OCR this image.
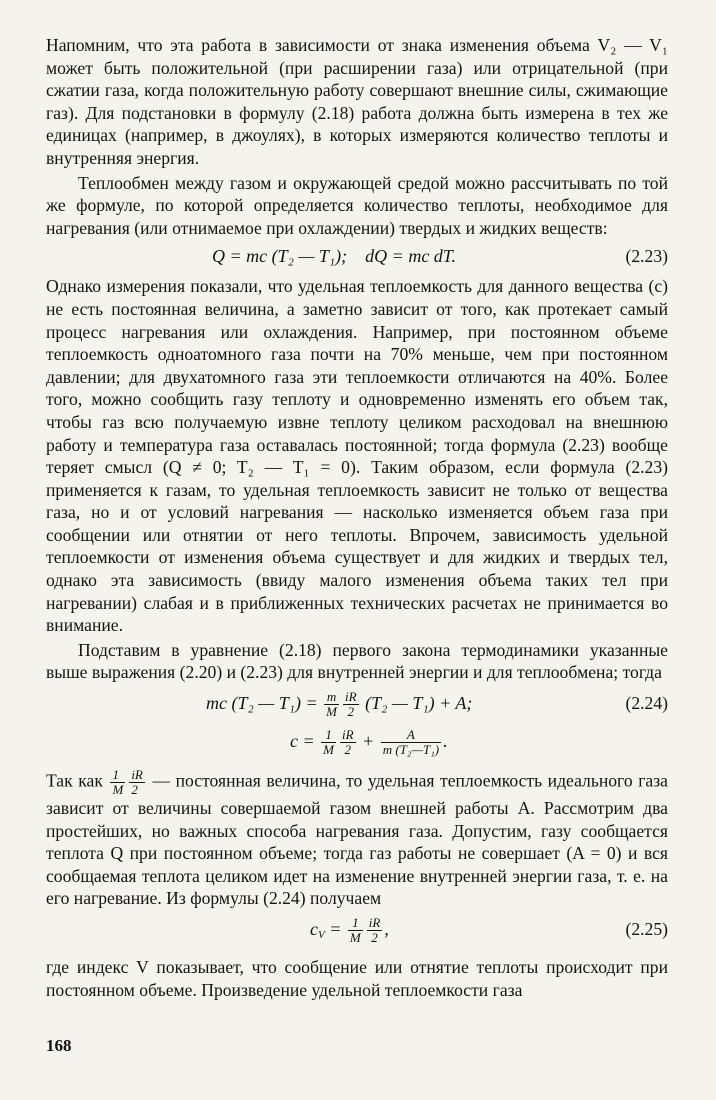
Напомним, что эта работа в зависимости от знака изменения объема V₂ — V₁ может быть положительной (при расширении газа) или отрицательной (при сжатии газа, когда положительную работу совершают внешние силы, сжимающие газ). Для подстановки в формулу (2.18) работа должна быть измерена в тех же единицах (например, в джоулях), в которых измеряются количество теплоты и внутренняя энергия.

Теплообмен между газом и окружающей средой можно рассчитывать по той же формуле, по которой определяется количество теплоты, необходимое для нагревания (или отнимаемое при охлаждении) твердых и жидких веществ:

Q = mc (T₂ — T₁); dQ = mc dT.	(2.23)

Однако измерения показали, что удельная теплоемкость для данного вещества (c) не есть постоянная величина, а заметно зависит от того, как протекает самый процесс нагревания или охлаждения. Например, при постоянном объеме теплоемкость одноатомного газа почти на 70% меньше, чем при постоянном давлении; для двухатомного газа эти теплоемкости отличаются на 40%. Более того, можно сообщить газу теплоту и одновременно изменять его объем так, чтобы газ всю получаемую извне теплоту целиком расходовал на внешнюю работу и температура газа оставалась постоянной; тогда формула (2.23) вообще теряет смысл (Q ≠ 0; T₂ — T₁ = 0). Таким образом, если формула (2.23) применяется к газам, то удельная теплоемкость зависит не только от вещества газа, но и от условий нагревания — насколько изменяется объем газа при сообщении или отнятии от него теплоты. Впрочем, зависимость удельной теплоемкости от изменения объема существует и для жидких и твердых тел, однако эта зависимость (ввиду малого изменения объема таких тел при нагревании) слабая и в приближенных технических расчетах не принимается во внимание.

Подставим в уравнение (2.18) первого закона термодинамики указанные выше выражения (2.20) и (2.23) для внутренней энергии и для теплообмена; тогда

mc (T₂ — $T_1) = \frac{m}{M} \frac{iR}{2} (T_2$ — T₁) + A;	(2.24)
$c = \frac{1}{M} \frac{iR}{2} + \frac{A}{\text{m (T₂—T₁)}}$ .

Так как $\frac{1}{M} \frac{iR}{2}$ — постоянная величина, то удельная теплоемкость идеального газа зависит от величины совершаемой газом внешней работы A. Рассмотрим два простейших, но важных способа нагревания газа. Допустим, газу сообщается теплота Q при постоянном объеме; тогда газ работы не совершает (A = 0) и вся сообщаемая теплота целиком идет на изменение внутренней энергии газа, т. е. на его нагревание. Из формулы (2.24) получаем

$c_V = \frac{1}{M} \frac{iR}{2}$ ,	(2.25)

где индекс V показывает, что сообщение или отнятие теплоты происходит при постоянном объеме. Произведение удельной теплоемкости газа

168
